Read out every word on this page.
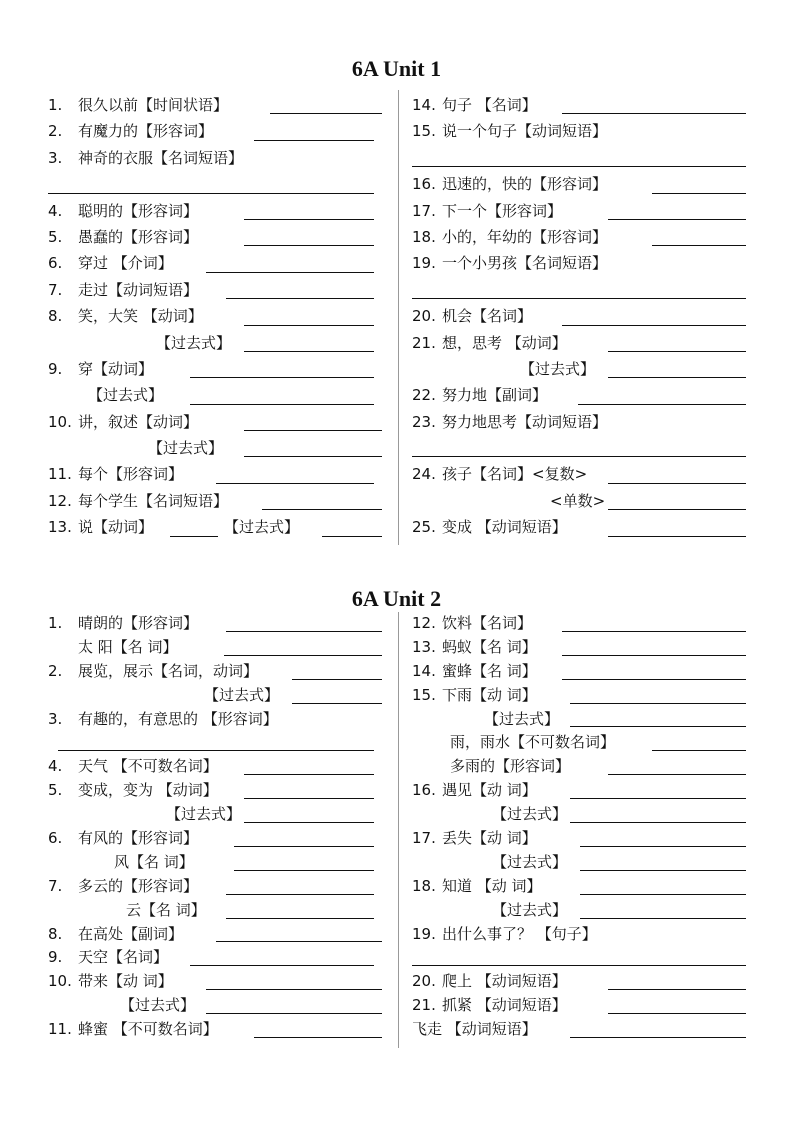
6A Unit 1
1. 很久以前【时间状语】
2. 有魔力的【形容词】
3. 神奇的衣服【名词短语】
4. 聪明的【形容词】
5. 愚蠢的【形容词】
6. 穿过 【介词】
7. 走过【动词短语】
8. 笑，大笑 【动词】
【过去式】
9. 穿【动词】
【过去式】
10. 讲，叙述【动词】
【过去式】
11. 每个【形容词】
12. 每个学生【名词短语】
13. 说【动词】	【过去式】
14. 句子 【名词】
15. 说一个句子【动词短语】
16. 迅速的，快的【形容词】
17. 下一个【形容词】
18. 小的，年幼的【形容词】
19. 一个小男孩【名词短语】
20. 机会【名词】
21. 想，思考 【动词】
【过去式】
22. 努力地【副词】
23. 努力地思考【动词短语】
24. 孩子【名词】<复数>
<单数>
25. 变成 【动词短语】
6A Unit 2
1. 晴朗的【形容词】
太 阳【名 词】
2. 展览，展示【名词，动词】
【过去式】
3. 有趣的，有意思的 【形容词】
4. 天气 【不可数名词】
5. 变成，变为 【动词】
【过去式】
6. 有风的【形容词】
风【名 词】
7. 多云的【形容词】
云【名 词】
8. 在高处【副词】
9. 天空【名词】
10. 带来【动 词】
【过去式】
11. 蜂蜜 【不可数名词】
12. 饮料【名词】
13. 蚂蚁【名 词】
14. 蜜蜂【名 词】
15. 下雨【动 词】
【过去式】
雨，雨水【不可数名词】
多雨的【形容词】
16. 遇见【动 词】
【过去式】
17. 丢失【动 词】
【过去式】
18. 知道 【动 词】
【过去式】
19. 出什么事了？ 【句子】
20. 爬上 【动词短语】
21. 抓紧 【动词短语】
飞走 【动词短语】
